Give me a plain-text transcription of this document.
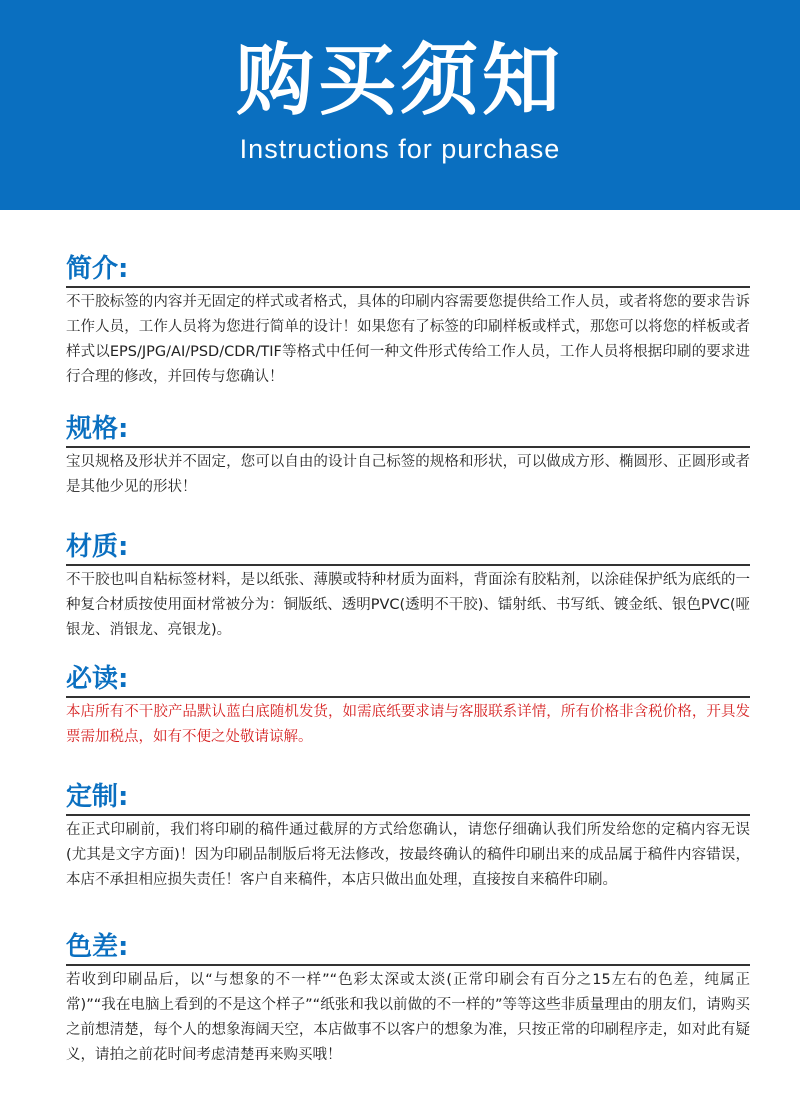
购买须知
Instructions for purchase
简介:
不干胶标签的内容并无固定的样式或者格式，具体的印刷内容需要您提供给工作人员，或者将您的要求告诉工作人员，工作人员将为您进行简单的设计！如果您有了标签的印刷样板或样式，那您可以将您的样板或者样式以EPS/JPG/AI/PSD/CDR/TIF等格式中任何一种文件形式传给工作人员，工作人员将根据印刷的要求进行合理的修改，并回传与您确认！
规格:
宝贝规格及形状并不固定，您可以自由的设计自己标签的规格和形状，可以做成方形、椭圆形、正圆形或者是其他少见的形状！
材质:
不干胶也叫自粘标签材料，是以纸张、薄膜或特种材质为面料，背面涂有胶粘剂，以涂硅保护纸为底纸的一种复合材质按使用面材常被分为：铜版纸、透明PVC(透明不干胶)、镭射纸、书写纸、镀金纸、银色PVC(哑银龙、消银龙、亮银龙)。
必读:
本店所有不干胶产品默认蓝白底随机发货，如需底纸要求请与客服联系详情，所有价格非含税价格，开具发票需加税点，如有不便之处敬请谅解。
定制:
在正式印刷前，我们将印刷的稿件通过截屏的方式给您确认，请您仔细确认我们所发给您的定稿内容无误(尤其是文字方面)！因为印刷品制版后将无法修改，按最终确认的稿件印刷出来的成品属于稿件内容错误，本店不承担相应损失责任！客户自来稿件，本店只做出血处理，直接按自来稿件印刷。
色差:
若收到印刷品后，以“与想象的不一样”“色彩太深或太淡(正常印刷会有百分之15左右的色差，纯属正常)”“我在电脑上看到的不是这个样子”“纸张和我以前做的不一样的”等等这些非质量理由的朋友们，请购买之前想清楚，每个人的想象海阔天空，本店做事不以客户的想象为准，只按正常的印刷程序走，如对此有疑义，请拍之前花时间考虑清楚再来购买哦！
